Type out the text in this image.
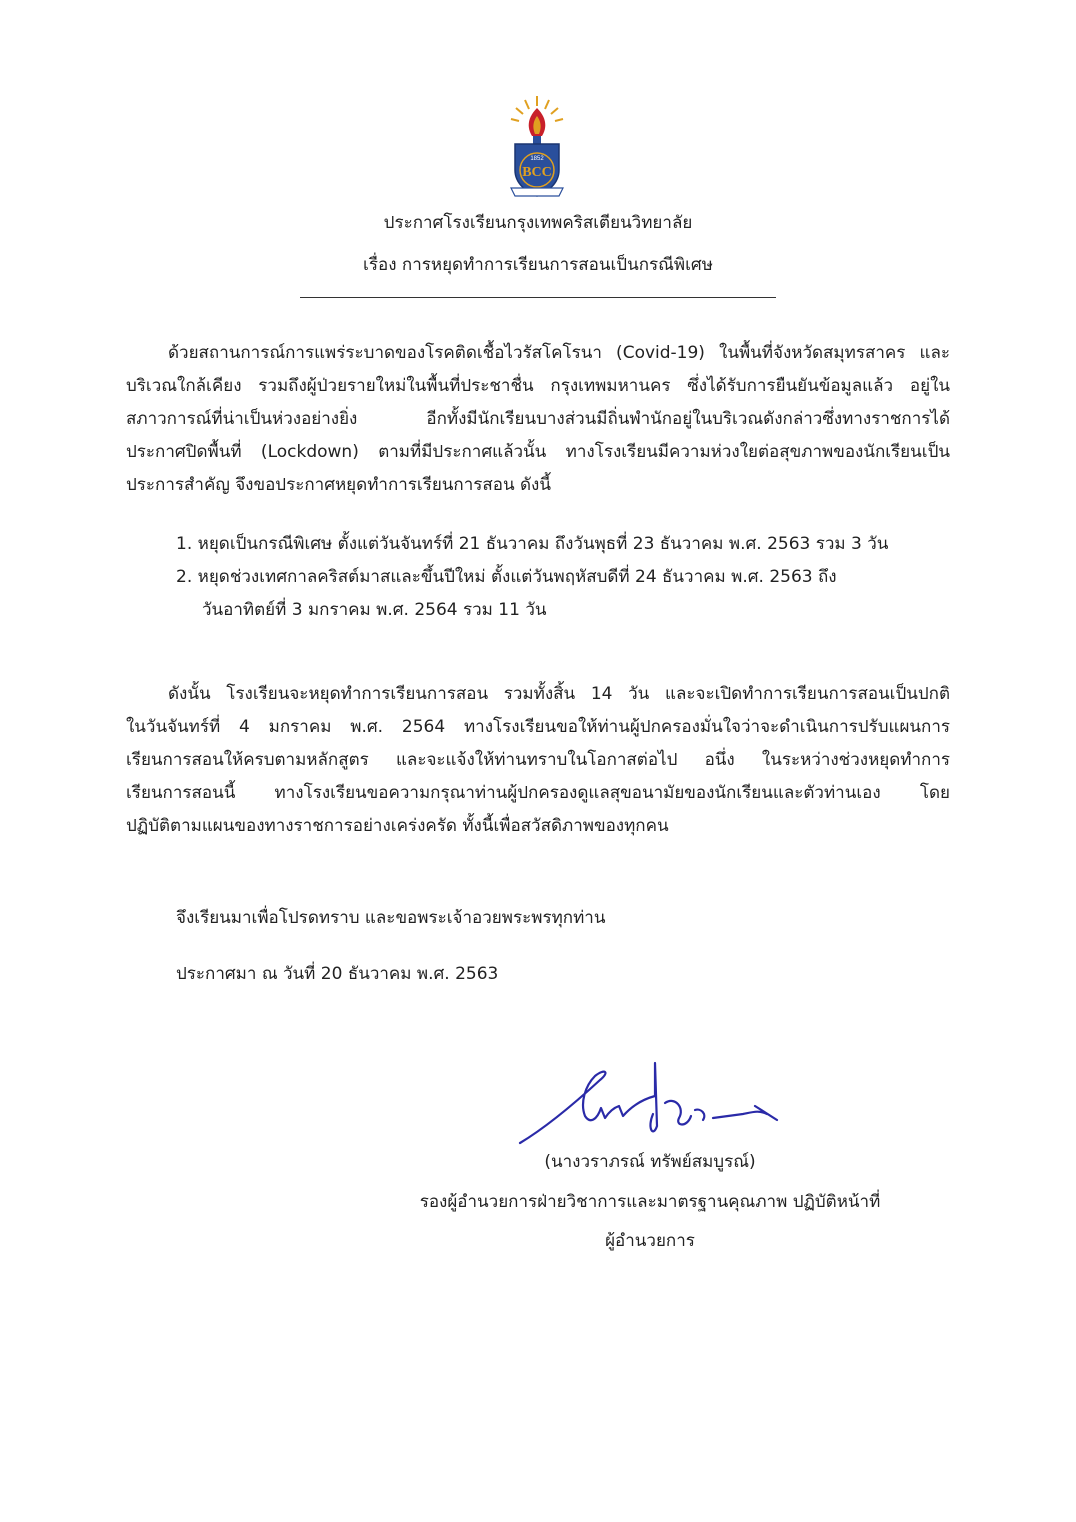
BCC
1852
ประกาศโรงเรียนกรุงเทพคริสเตียนวิทยาลัย
เรื่อง การหยุดทำการเรียนการสอนเป็นกรณีพิเศษ
ด้วยสถานการณ์การแพร่ระบาดของโรคติดเชื้อไวรัสโคโรนา (Covid-19) ในพื้นที่จังหวัดสมุทรสาคร และ
บริเวณใกล้เคียง รวมถึงผู้ป่วยรายใหม่ในพื้นที่ประชาชื่น กรุงเทพมหานคร ซึ่งได้รับการยืนยันข้อมูลแล้ว อยู่ใน
สภาวการณ์ที่น่าเป็นห่วงอย่างยิ่ง อีกทั้งมีนักเรียนบางส่วนมีถิ่นพำนักอยู่ในบริเวณดังกล่าวซึ่งทางราชการได้
ประกาศปิดพื้นที่ (Lockdown) ตามที่มีประกาศแล้วนั้น ทางโรงเรียนมีความห่วงใยต่อสุขภาพของนักเรียนเป็น
ประการสำคัญ จึงขอประกาศหยุดทำการเรียนการสอน ดังนี้
1. หยุดเป็นกรณีพิเศษ ตั้งแต่วันจันทร์ที่ 21 ธันวาคม ถึงวันพุธที่ 23 ธันวาคม พ.ศ. 2563 รวม 3 วัน
2. หยุดช่วงเทศกาลคริสต์มาสและขึ้นปีใหม่ ตั้งแต่วันพฤหัสบดีที่ 24 ธันวาคม พ.ศ. 2563 ถึง
วันอาทิตย์ที่ 3 มกราคม พ.ศ. 2564 รวม 11 วัน
ดังนั้น โรงเรียนจะหยุดทำการเรียนการสอน รวมทั้งสิ้น 14 วัน และจะเปิดทำการเรียนการสอนเป็นปกติ
ในวันจันทร์ที่ 4 มกราคม พ.ศ. 2564 ทางโรงเรียนขอให้ท่านผู้ปกครองมั่นใจว่าจะดำเนินการปรับแผนการ
เรียนการสอนให้ครบตามหลักสูตร และจะแจ้งให้ท่านทราบในโอกาสต่อไป อนึ่ง ในระหว่างช่วงหยุดทำการ
เรียนการสอนนี้ ทางโรงเรียนขอความกรุณาท่านผู้ปกครองดูแลสุขอนามัยของนักเรียนและตัวท่านเอง โดย
ปฏิบัติตามแผนของทางราชการอย่างเคร่งครัด ทั้งนี้เพื่อสวัสดิภาพของทุกคน
จึงเรียนมาเพื่อโปรดทราบ และขอพระเจ้าอวยพระพรทุกท่าน
ประกาศมา ณ วันที่ 20 ธันวาคม พ.ศ. 2563
(นางวราภรณ์ ทรัพย์สมบูรณ์)
รองผู้อำนวยการฝ่ายวิชาการและมาตรฐานคุณภาพ ปฏิบัติหน้าที่
ผู้อำนวยการ
